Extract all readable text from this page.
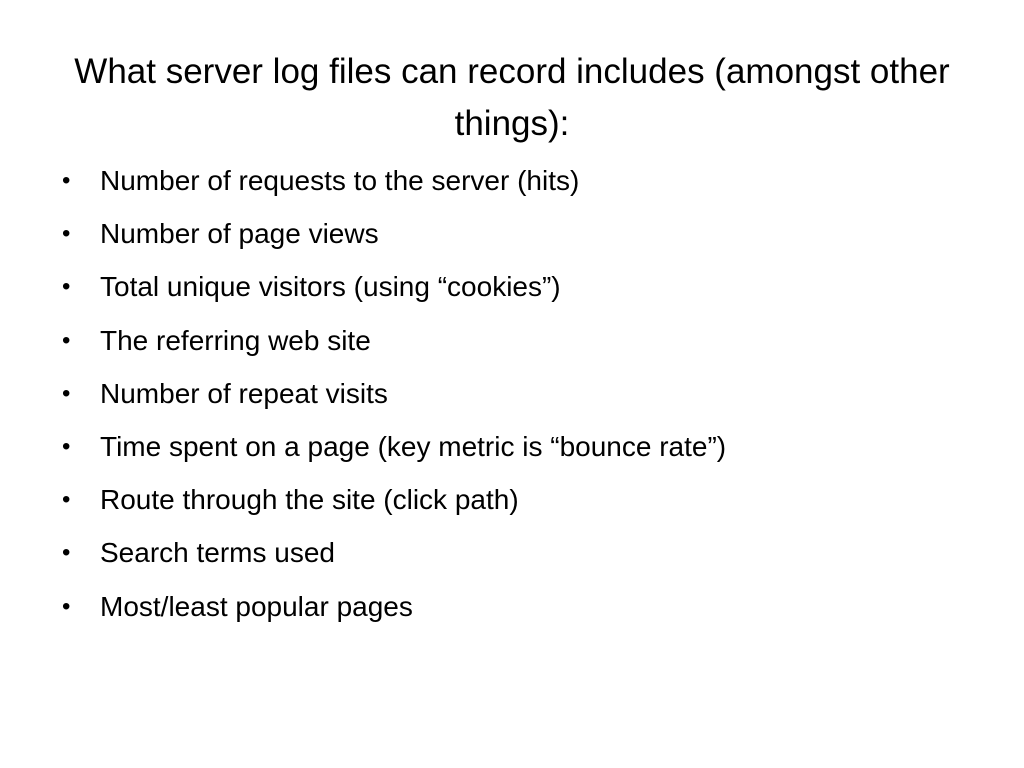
What server log files can record includes (amongst other things):
•	Number of requests to the server (hits)
•	Number of page views
•	Total unique visitors (using “cookies”)
•	The referring web site
•	Number of repeat visits
•	Time spent on a page (key metric is “bounce rate”)
•	Route through the site (click path)
•	Search terms used
•	Most/least popular pages
